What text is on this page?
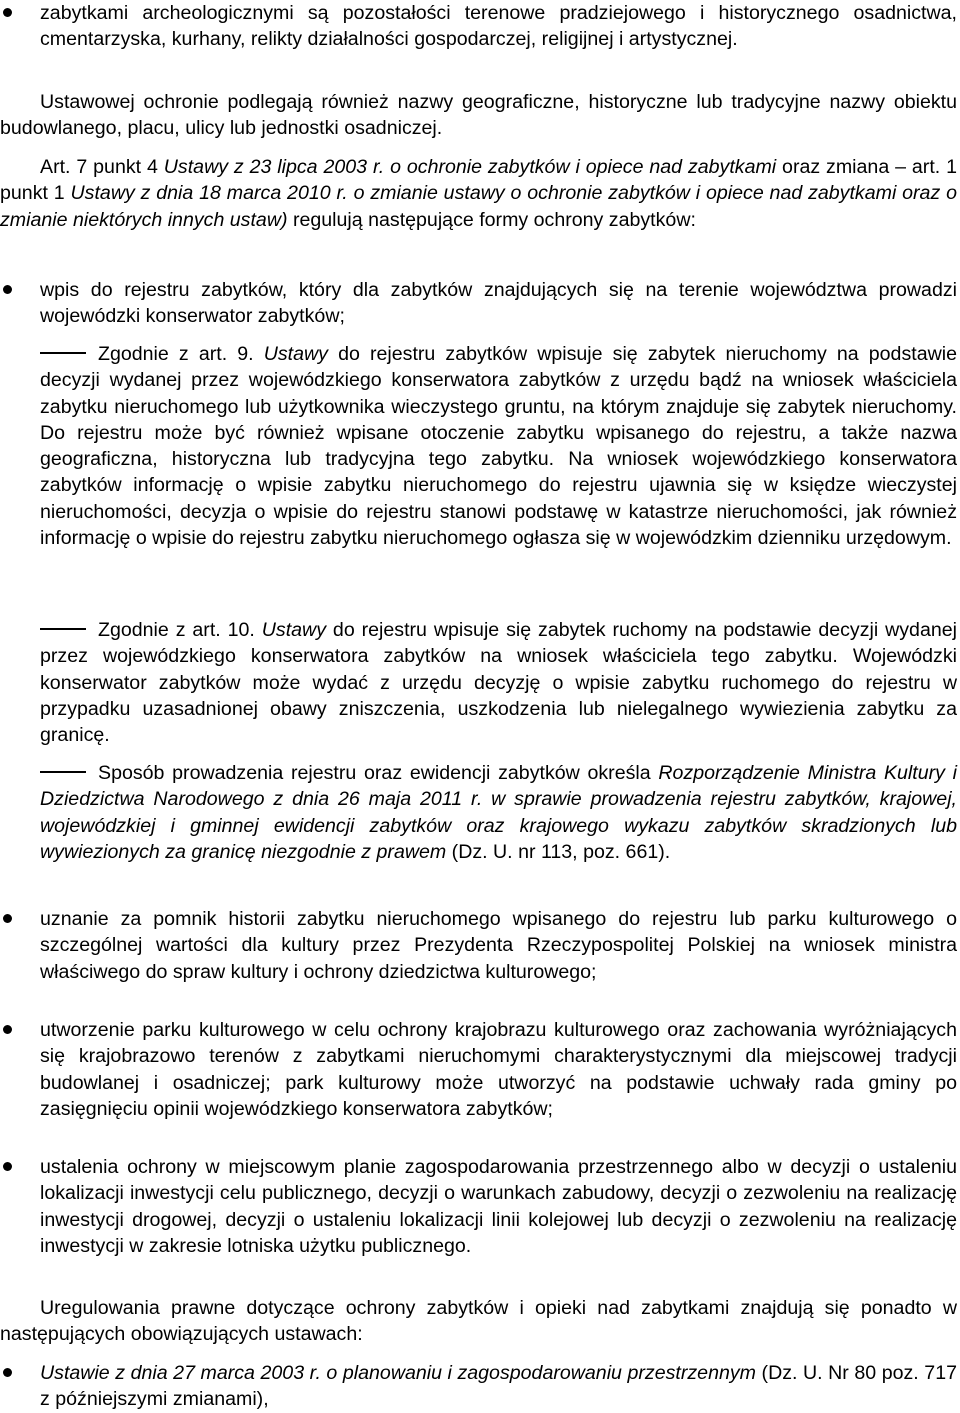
zabytkami archeologicznymi są pozostałości terenowe pradziejowego i historycznego osadnictwa, cmentarzyska, kurhany, relikty działalności gospodarczej, religijnej i artystycznej.

Ustawowej ochronie podlegają również nazwy geograficzne, historyczne lub tradycyjne nazwy obiektu budowlanego, placu, ulicy lub jednostki osadniczej.

Art. 7 punkt 4 Ustawy z 23 lipca 2003 r. o ochronie zabytków i opiece nad zabytkami oraz zmiana – art. 1 punkt 1 Ustawy z dnia 18 marca 2010 r. o zmianie ustawy o ochronie zabytków i opiece nad zabytkami oraz o zmianie niektórych innych ustaw) regulują następujące formy ochrony zabytków:

wpis do rejestru zabytków, który dla zabytków znajdujących się na terenie województwa prowadzi wojewódzki konserwator zabytków;

Zgodnie z art. 9. Ustawy do rejestru zabytków wpisuje się zabytek nieruchomy na podstawie decyzji wydanej przez wojewódzkiego konserwatora zabytków z urzędu bądź na wniosek właściciela zabytku nieruchomego lub użytkownika wieczystego gruntu, na którym znajduje się zabytek nieruchomy. Do rejestru może być również wpisane otoczenie zabytku wpisanego do rejestru, a także nazwa geograficzna, historyczna lub tradycyjna tego zabytku. Na wniosek wojewódzkiego konserwatora zabytków informację o wpisie zabytku nieruchomego do rejestru ujawnia się w księdze wieczystej nieruchomości, decyzja o wpisie do rejestru stanowi podstawę w katastrze nieruchomości, jak również informację o wpisie do rejestru zabytku nieruchomego ogłasza się w wojewódzkim dzienniku urzędowym.

Zgodnie z art. 10. Ustawy do rejestru wpisuje się zabytek ruchomy na podstawie decyzji wydanej przez wojewódzkiego konserwatora zabytków na wniosek właściciela tego zabytku. Wojewódzki konserwator zabytków może wydać z urzędu decyzję o wpisie zabytku ruchomego do rejestru w przypadku uzasadnionej obawy zniszczenia, uszkodzenia lub nielegalnego wywiezienia zabytku za granicę.

Sposób prowadzenia rejestru oraz ewidencji zabytków określa Rozporządzenie Ministra Kultury i Dziedzictwa Narodowego z dnia 26 maja 2011 r. w sprawie prowadzenia rejestru zabytków, krajowej, wojewódzkiej i gminnej ewidencji zabytków oraz krajowego wykazu zabytków skradzionych lub wywiezionych za granicę niezgodnie z prawem (Dz. U. nr 113, poz. 661).

uznanie za pomnik historii zabytku nieruchomego wpisanego do rejestru lub parku kulturowego o szczególnej wartości dla kultury przez Prezydenta Rzeczypospolitej Polskiej na wniosek ministra właściwego do spraw kultury i ochrony dziedzictwa kulturowego;

utworzenie parku kulturowego w celu ochrony krajobrazu kulturowego oraz zachowania wyróżniających się krajobrazowo terenów z zabytkami nieruchomymi charakterystycznymi dla miejscowej tradycji budowlanej i osadniczej; park kulturowy może utworzyć na podstawie uchwały rada gminy po zasięgnięciu opinii wojewódzkiego konserwatora zabytków;

ustalenia ochrony w miejscowym planie zagospodarowania przestrzennego albo w decyzji o ustaleniu lokalizacji inwestycji celu publicznego, decyzji o warunkach zabudowy, decyzji o zezwoleniu na realizację inwestycji drogowej, decyzji o ustaleniu lokalizacji linii kolejowej lub decyzji o zezwoleniu na realizację inwestycji w zakresie lotniska użytku publicznego.

Uregulowania prawne dotyczące ochrony zabytków i opieki nad zabytkami znajdują się ponadto w następujących obowiązujących ustawach:

Ustawie z dnia 27 marca 2003 r. o planowaniu i zagospodarowaniu przestrzennym (Dz. U. Nr 80 poz. 717 z późniejszymi zmianami),
